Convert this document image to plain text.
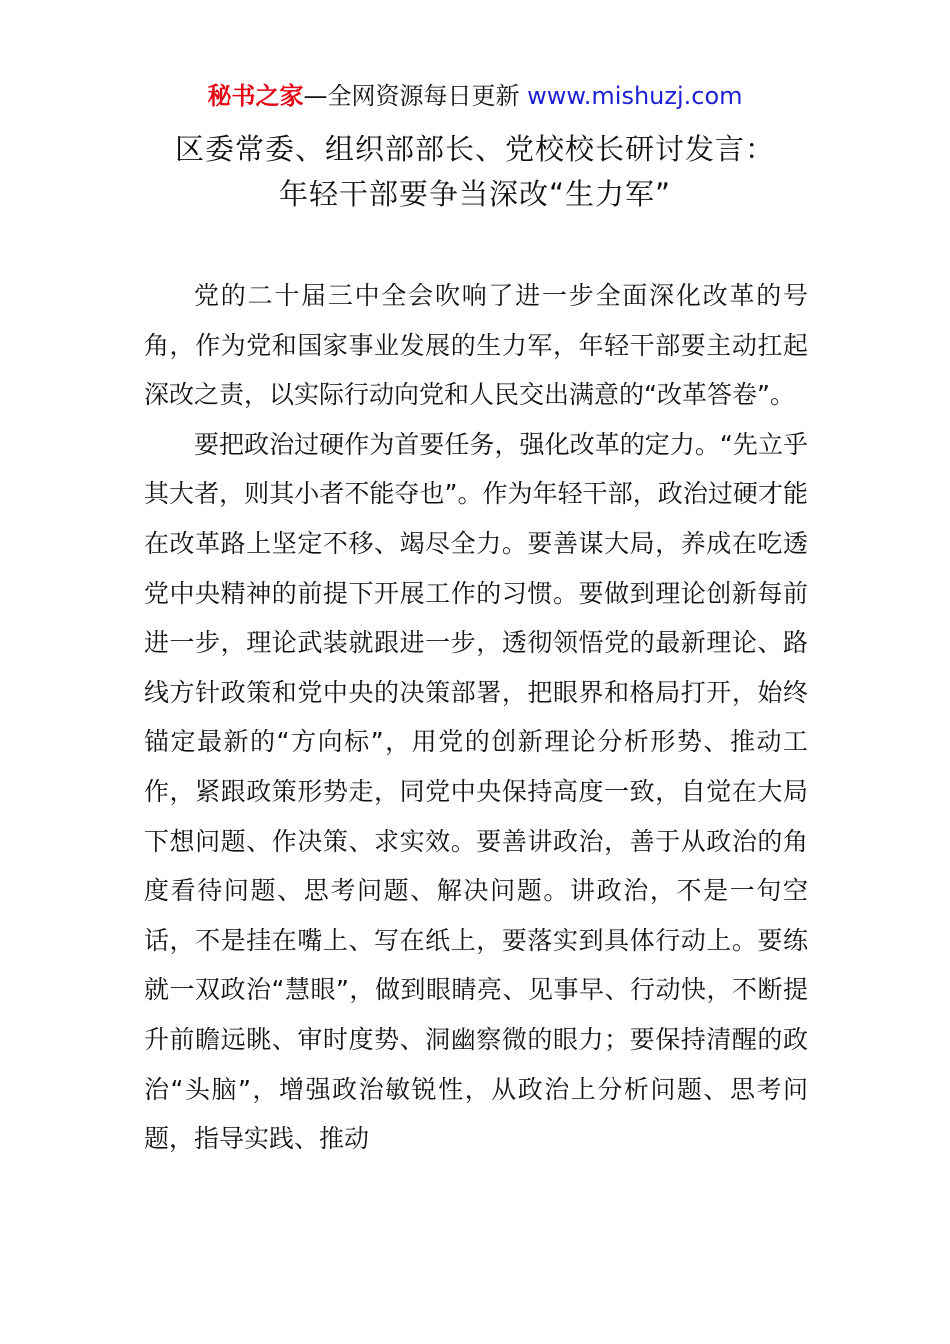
秘书之家—全网资源每日更新 www.mishuzj.com
区委常委、组织部部长、党校校长研讨发言：
年轻干部要争当深改“生力军”

党的二十届三中全会吹响了进一步全面深化改革的号角，作为党和国家事业发展的生力军，年轻干部要主动扛起深改之责，以实际行动向党和人民交出满意的“改革答卷”。

要把政治过硬作为首要任务，强化改革的定力。“先立乎其大者，则其小者不能夺也”。作为年轻干部，政治过硬才能在改革路上坚定不移、竭尽全力。要善谋大局，养成在吃透党中央精神的前提下开展工作的习惯。要做到理论创新每前进一步，理论武装就跟进一步，透彻领悟党的最新理论、路线方针政策和党中央的决策部署，把眼界和格局打开，始终锚定最新的“方向标”，用党的创新理论分析形势、推动工作，紧跟政策形势走，同党中央保持高度一致，自觉在大局下想问题、作决策、求实效。要善讲政治，善于从政治的角度看待问题、思考问题、解决问题。讲政治，不是一句空话，不是挂在嘴上、写在纸上，要落实到具体行动上。要练就一双政治“慧眼”，做到眼睛亮、见事早、行动快，不断提升前瞻远眺、审时度势、洞幽察微的眼力；要保持清醒的政治“头脑”，增强政治敏锐性，从政治上分析问题、思考问题，指导实践、推动
